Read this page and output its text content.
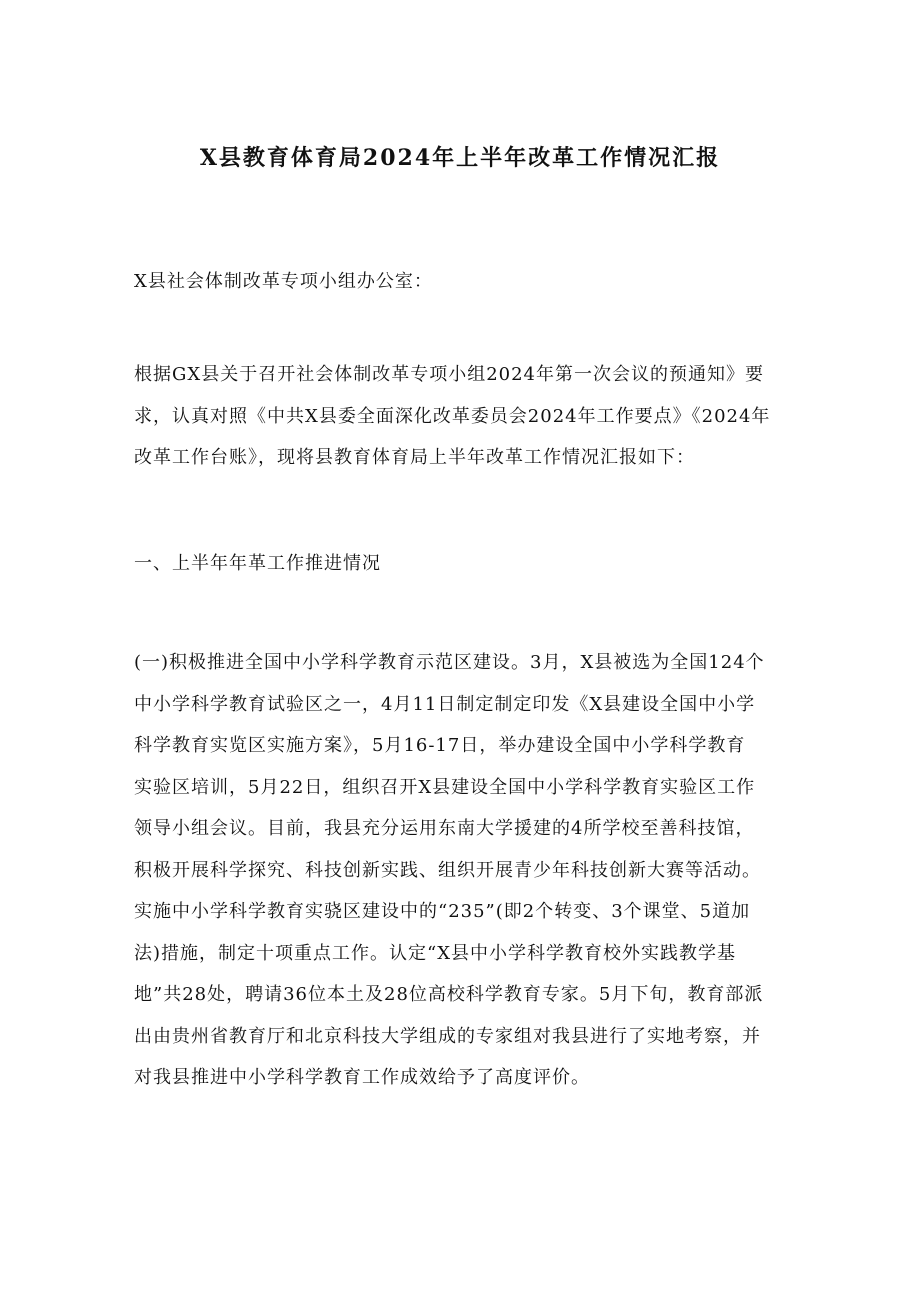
X县教育体育局2024年上半年改革工作情况汇报

X县社会体制改革专项小组办公室：

根据GX县关于召开社会体制改革专项小组2024年第一次会议的预通知》要
求，认真对照《中共X县委全面深化改革委员会2024年工作要点》《2024年
改革工作台账》，现将县教育体育局上半年改革工作情况汇报如下：

一、上半年年革工作推进情况

(一)积极推进全国中小学科学教育示范区建设。3月，X县被选为全国124个
中小学科学教育试验区之一，4月11日制定制定印发《X县建设全国中小学
科学教育实览区实施方案》，5月16-17日，举办建设全国中小学科学教育
实验区培训，5月22日，组织召开X县建设全国中小学科学教育实验区工作
领导小组会议。目前，我县充分运用东南大学援建的4所学校至善科技馆，
积极开展科学探究、科技创新实践、组织开展青少年科技创新大赛等活动。
实施中小学科学教育实骁区建设中的“235”(即2个转变、3个课堂、5道加
法)措施，制定十项重点工作。认定“X县中小学科学教育校外实践教学基
地”共28处，聘请36位本土及28位高校科学教育专家。5月下旬，教育部派
出由贵州省教育厅和北京科技大学组成的专家组对我县进行了实地考察，并
对我县推进中小学科学教育工作成效给予了高度评价。
